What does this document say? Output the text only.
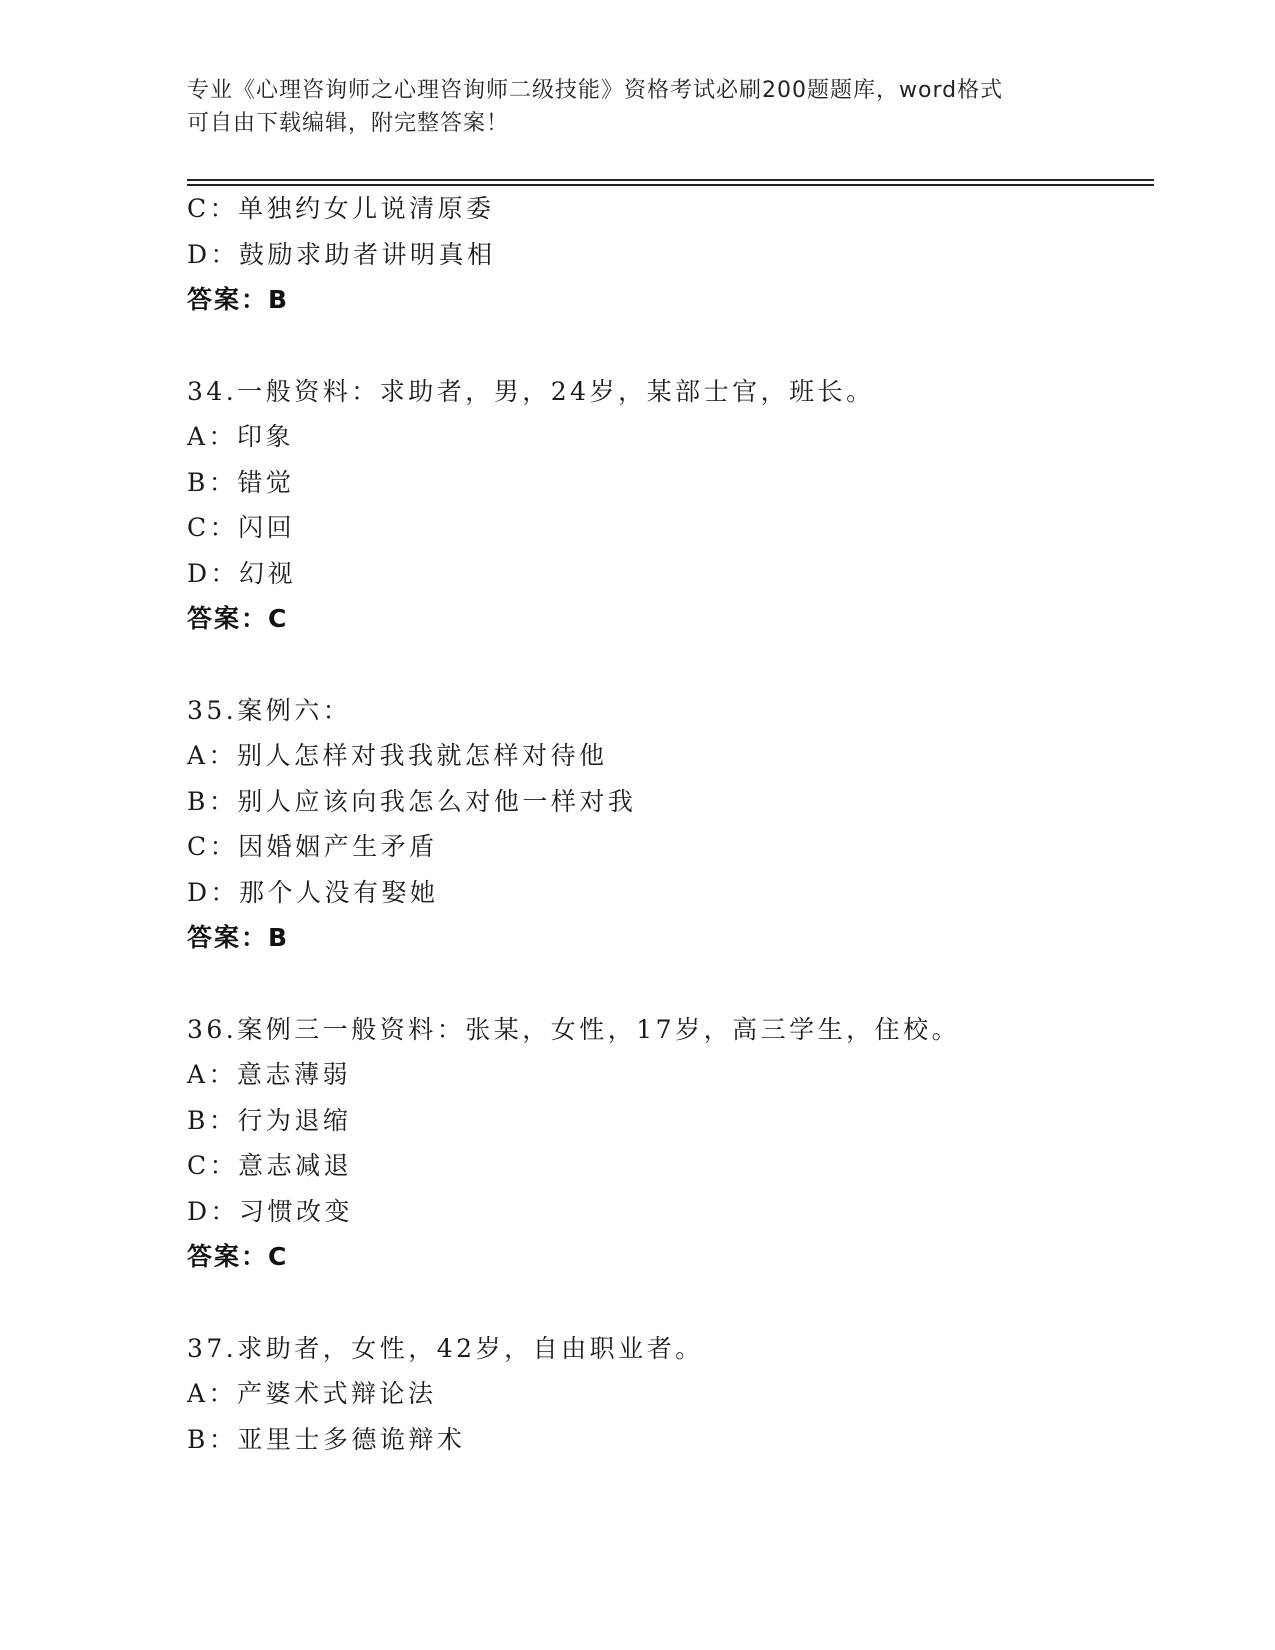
专业《心理咨询师之心理咨询师二级技能》资格考试必刷200题题库，word格式
可自由下载编辑，附完整答案！
C：单独约女儿说清原委
D：鼓励求助者讲明真相
答案：B
34.一般资料：求助者，男，24岁，某部士官，班长。
A：印象
B：错觉
C：闪回
D：幻视
答案：C
35.案例六：
A：别人怎样对我我就怎样对待他
B：别人应该向我怎么对他一样对我
C：因婚姻产生矛盾
D：那个人没有娶她
答案：B
36.案例三一般资料：张某，女性，17岁，高三学生，住校。
A：意志薄弱
B：行为退缩
C：意志减退
D：习惯改变
答案：C
37.求助者，女性，42岁，自由职业者。
A：产婆术式辩论法
B：亚里士多德诡辩术
